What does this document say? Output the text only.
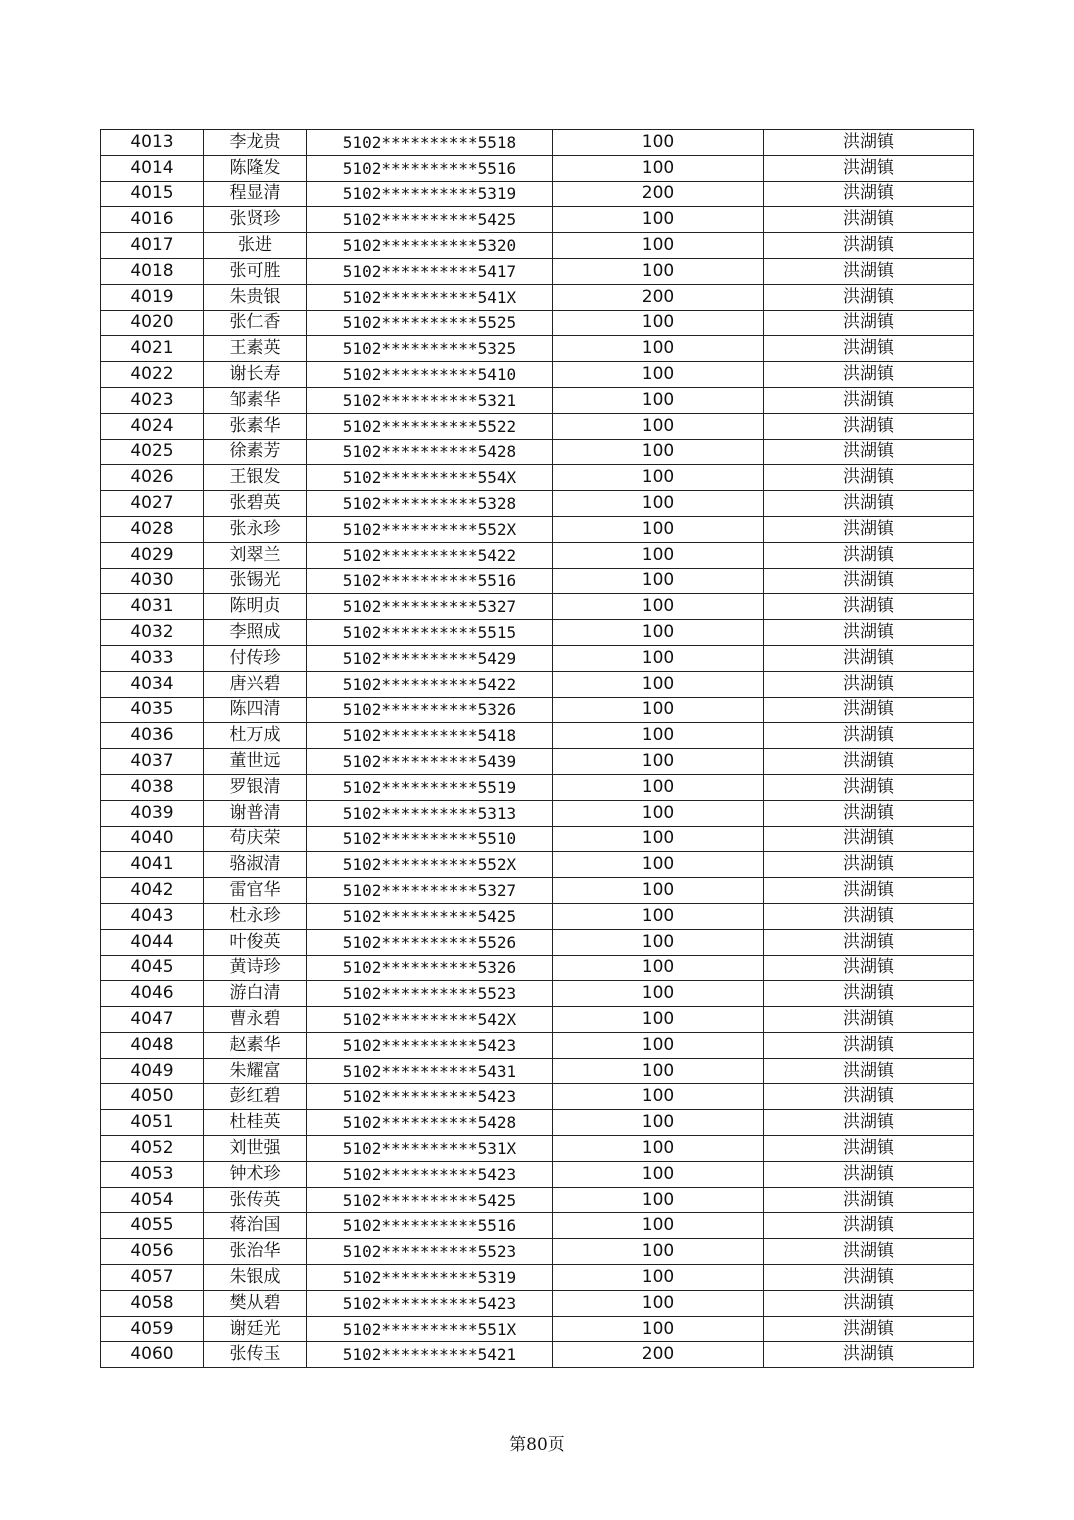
4013	李龙贵	5102**********5518	100	洪湖镇
4014	陈隆发	5102**********5516	100	洪湖镇
4015	程显清	5102**********5319	200	洪湖镇
4016	张贤珍	5102**********5425	100	洪湖镇
4017	张进	5102**********5320	100	洪湖镇
4018	张可胜	5102**********5417	100	洪湖镇
4019	朱贵银	5102**********541X	200	洪湖镇
4020	张仁香	5102**********5525	100	洪湖镇
4021	王素英	5102**********5325	100	洪湖镇
4022	谢长寿	5102**********5410	100	洪湖镇
4023	邹素华	5102**********5321	100	洪湖镇
4024	张素华	5102**********5522	100	洪湖镇
4025	徐素芳	5102**********5428	100	洪湖镇
4026	王银发	5102**********554X	100	洪湖镇
4027	张碧英	5102**********5328	100	洪湖镇
4028	张永珍	5102**********552X	100	洪湖镇
4029	刘翠兰	5102**********5422	100	洪湖镇
4030	张锡光	5102**********5516	100	洪湖镇
4031	陈明贞	5102**********5327	100	洪湖镇
4032	李照成	5102**********5515	100	洪湖镇
4033	付传珍	5102**********5429	100	洪湖镇
4034	唐兴碧	5102**********5422	100	洪湖镇
4035	陈四清	5102**********5326	100	洪湖镇
4036	杜万成	5102**********5418	100	洪湖镇
4037	董世远	5102**********5439	100	洪湖镇
4038	罗银清	5102**********5519	100	洪湖镇
4039	谢普清	5102**********5313	100	洪湖镇
4040	苟庆荣	5102**********5510	100	洪湖镇
4041	骆淑清	5102**********552X	100	洪湖镇
4042	雷官华	5102**********5327	100	洪湖镇
4043	杜永珍	5102**********5425	100	洪湖镇
4044	叶俊英	5102**********5526	100	洪湖镇
4045	黄诗珍	5102**********5326	100	洪湖镇
4046	游白清	5102**********5523	100	洪湖镇
4047	曹永碧	5102**********542X	100	洪湖镇
4048	赵素华	5102**********5423	100	洪湖镇
4049	朱耀富	5102**********5431	100	洪湖镇
4050	彭红碧	5102**********5423	100	洪湖镇
4051	杜桂英	5102**********5428	100	洪湖镇
4052	刘世强	5102**********531X	100	洪湖镇
4053	钟术珍	5102**********5423	100	洪湖镇
4054	张传英	5102**********5425	100	洪湖镇
4055	蒋治国	5102**********5516	100	洪湖镇
4056	张治华	5102**********5523	100	洪湖镇
4057	朱银成	5102**********5319	100	洪湖镇
4058	樊从碧	5102**********5423	100	洪湖镇
4059	谢廷光	5102**********551X	100	洪湖镇
4060	张传玉	5102**********5421	200	洪湖镇
第80页
